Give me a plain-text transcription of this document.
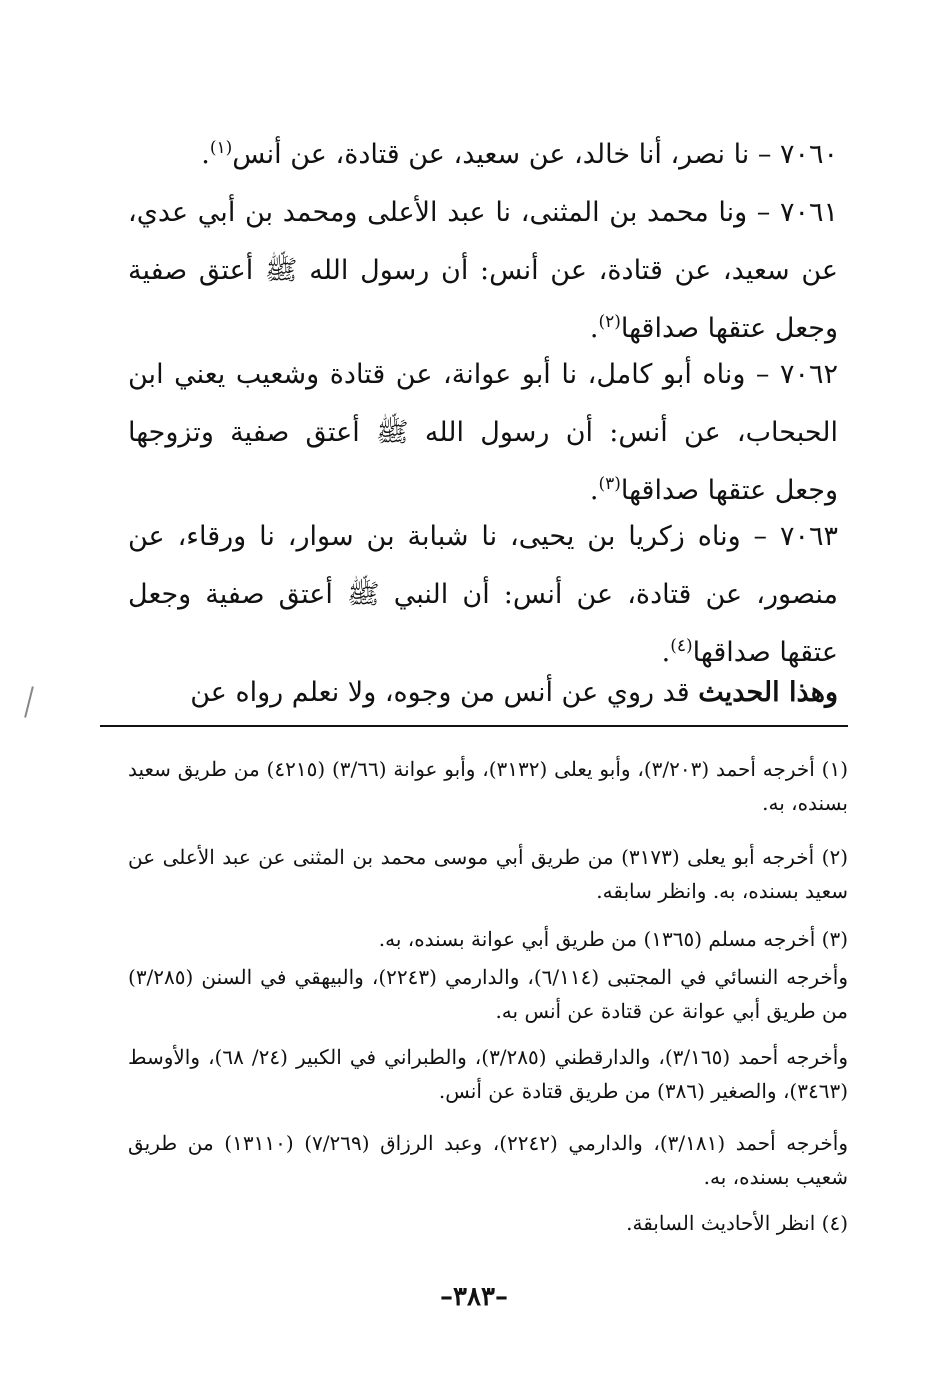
٧٠٦٠ – نا نصر، أنا خالد، عن سعيد، عن قتادة، عن أنس$^{(١)}$.

٧٠٦١ – ونا محمد بن المثنى، نا عبد الأعلى ومحمد بن أبي عدي، عن سعيد، عن قتادة، عن أنس: أن رسول الله ﷺ أعتق صفية وجعل عتقها صداقها$^{(٢)}$.

٧٠٦٢ – وناه أبو كامل، نا أبو عوانة، عن قتادة وشعيب يعني ابن الحبحاب، عن أنس: أن رسول الله ﷺ أعتق صفية وتزوجها وجعل عتقها صداقها$^{(٣)}$.

٧٠٦٣ – وناه زكريا بن يحيى، نا شبابة بن سوار، نا ورقاء، عن منصور، عن قتادة، عن أنس: أن النبي ﷺ أعتق صفية وجعل عتقها صداقها$^{(٤)}$.

وهذا الحديث قد روي عن أنس من وجوه، ولا نعلم رواه عن

(١) أخرجه أحمد (٣/٢٠٣)، وأبو يعلى (٣١٣٢)، وأبو عوانة (٣/٦٦) (٤٢١٥) من طريق سعيد بسنده، به.

(٢) أخرجه أبو يعلى (٣١٧٣) من طريق أبي موسى محمد بن المثنى عن عبد الأعلى عن سعيد بسنده، به. وانظر سابقه.

(٣) أخرجه مسلم (١٣٦٥) من طريق أبي عوانة بسنده، به.

وأخرجه النسائي في المجتبى (٦/١١٤)، والدارمي (٢٢٤٣)، والبيهقي في السنن (٣/٢٨٥) من طريق أبي عوانة عن قتادة عن أنس به.

وأخرجه أحمد (٣/١٦٥)، والدارقطني (٣/٢٨٥)، والطبراني في الكبير (٢٤/ ٦٨)، والأوسط (٣٤٦٣)، والصغير (٣٨٦) من طريق قتادة عن أنس.

وأخرجه أحمد (٣/١٨١)، والدارمي (٢٢٤٢)، وعبد الرزاق (٧/٢٦٩) (١٣١١٠) من طريق شعيب بسنده، به.

(٤) انظر الأحاديث السابقة.

–٣٨٣–
